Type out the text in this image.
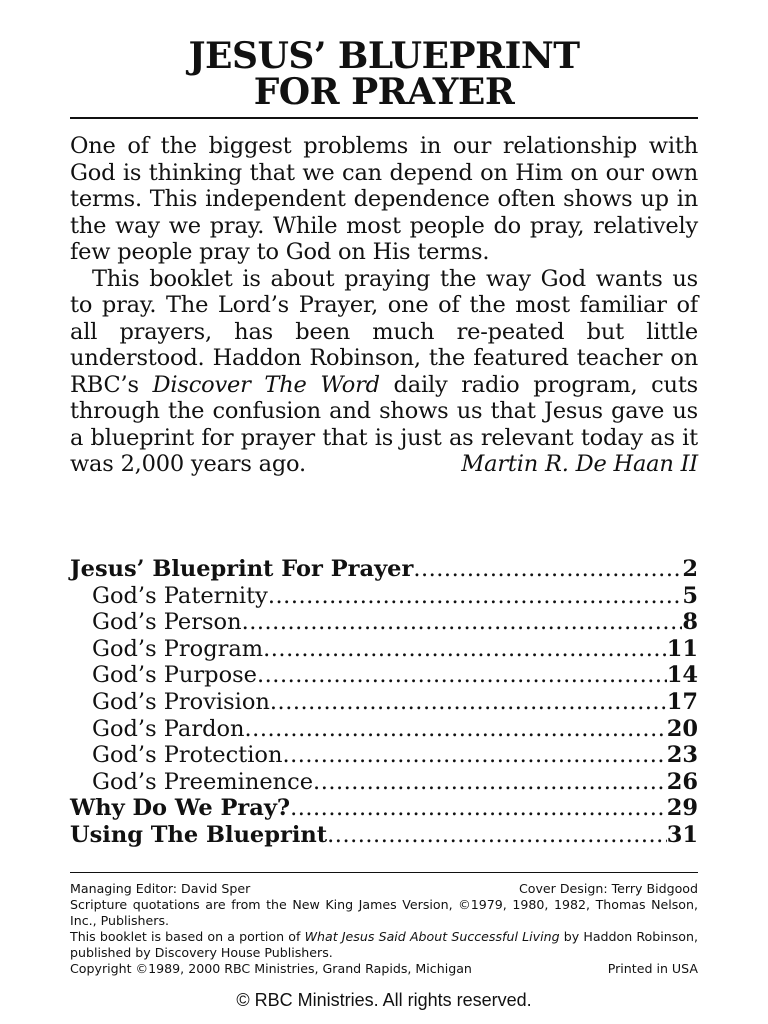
JESUS’ BLUEPRINT
FOR PRAYER

One of the biggest problems in our relationship with God is thinking that we can depend on Him on our own terms. This independent dependence often shows up in the way we pray. While most people do pray, relatively few people pray to God on His terms.

This booklet is about praying the way God wants us to pray. The Lord’s Prayer, one of the most familiar of all prayers, has been much re-peated but little understood. Haddon Robinson, the featured teacher on RBC’s Discover The Word daily radio program, cuts through the confusion and shows us that Jesus gave us a blueprint for prayer that is just as relevant today as it was 2,000 years ago.	Martin R. De Haan II

Jesus’ Blueprint For Prayer .....	2
God’s Paternity .....	5
God’s Person .....	8
God’s Program .....	11
God’s Purpose .....	14
God’s Provision .....	17
God’s Pardon .....	20
God’s Protection .....	23
God’s Preeminence .....	26
Why Do We Pray? .....	29
Using The Blueprint .....	31
Managing Editor: David Sper	Cover Design: Terry Bidgood
Scripture quotations are from the New King James Version, ©1979, 1980, 1982, Thomas Nelson, Inc., Publishers.
This booklet is based on a portion of What Jesus Said About Successful Living by Haddon Robinson, published by Discovery House Publishers.
Copyright ©1989, 2000 RBC Ministries, Grand Rapids, Michigan	Printed in USA
© RBC Ministries. All rights reserved.
